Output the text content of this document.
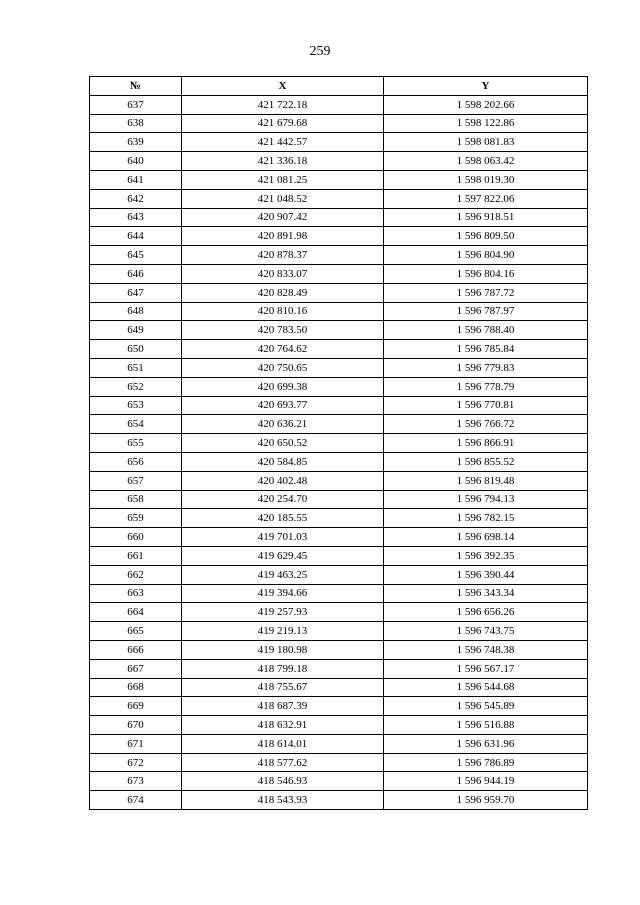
259
№	X	Y
637	421 722.18	1 598 202.66
638	421 679.68	1 598 122.86
639	421 442.57	1 598 081.83
640	421 336.18	1 598 063.42
641	421 081.25	1 598 019.30
642	421 048.52	1 597 822.06
643	420 907.42	1 596 918.51
644	420 891.98	1 596 809.50
645	420 878.37	1 596 804.90
646	420 833.07	1 596 804.16
647	420 828.49	1 596 787.72
648	420 810.16	1 596 787.97
649	420 783.50	1 596 788.40
650	420 764.62	1 596 785.84
651	420 750.65	1 596 779.83
652	420 699.38	1 596 778.79
653	420 693.77	1 596 770.81
654	420 636.21	1 596 766.72
655	420 650.52	1 596 866.91
656	420 584.85	1 596 855.52
657	420 402.48	1 596 819.48
658	420 254.70	1 596 794.13
659	420 185.55	1 596 782.15
660	419 701.03	1 596 698.14
661	419 629.45	1 596 392.35
662	419 463.25	1 596 390.44
663	419 394.66	1 596 343.34
664	419 257.93	1 596 656.26
665	419 219.13	1 596 743.75
666	419 180.98	1 596 748.38
667	418 799.18	1 596 567.17
668	418 755.67	1 596 544.68
669	418 687.39	1 596 545.89
670	418 632.91	1 596 516.88
671	418 614.01	1 596 631.96
672	418 577.62	1 596 786.89
673	418 546.93	1 596 944.19
674	418 543.93	1 596 959.70
